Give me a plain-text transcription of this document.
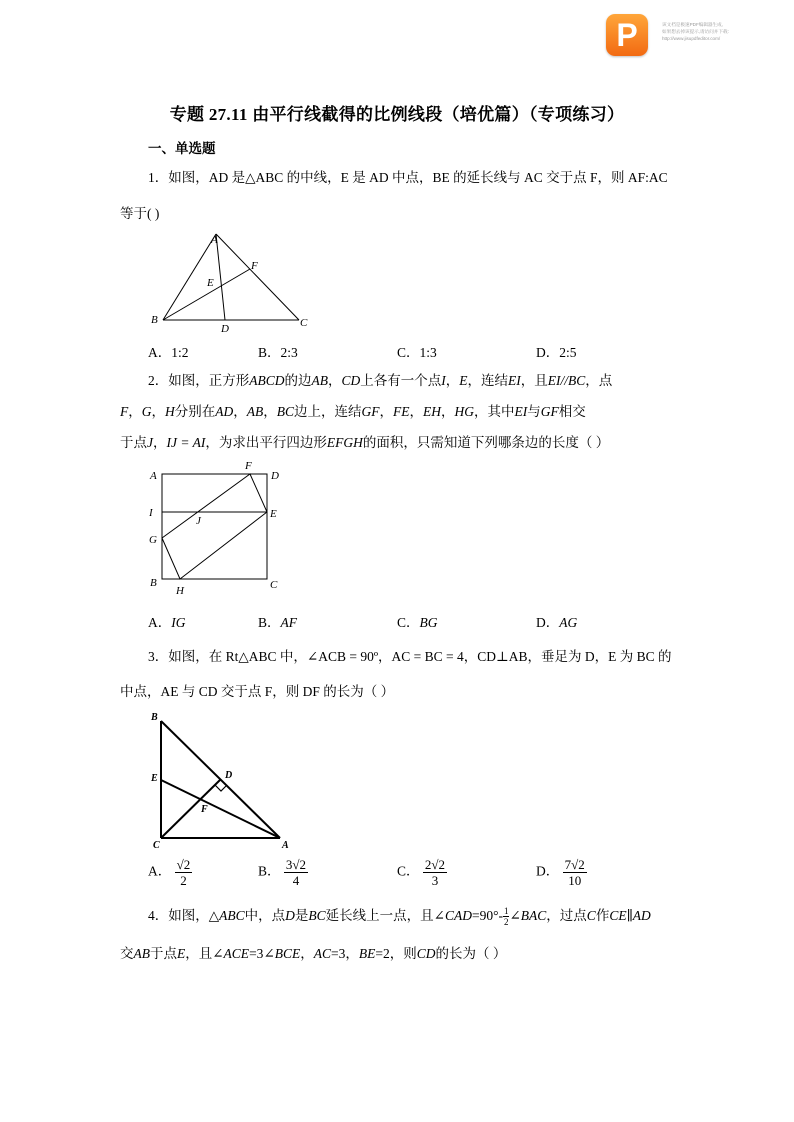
P	该文档是极速PDF编辑器生成,
如果想去掉该提示,请访问并下载:
http://www.jisupdfeditor.com/
专题 27.11 由平行线截得的比例线段（培优篇）（专项练习）
一、单选题
1．如图，AD 是△ABC 的中线，E 是 AD 中点，BE 的延长线与 AC 交于点 F，则 AF:AC
等于( )
A
E
F
B
D	C
A．1:2	B．2:3	C．1:3	D．2:5
2．如图，正方形ABCD的边AB，CD上各有一个点I，E，连结EI，且EI//BC，点
F，G，H分别在AD，AB，BC边上，连结GF，FE，EH，HG，其中EI与GF相交
于点J，IJ = AI，为求出平行四边形EFGH的面积，只需知道下列哪条边的长度（ ）
A
F
D
I
J
E
G
B
H	C
A．IG	B．AF	C．BG	D．AG
3．如图，在 Rt△ABC 中，∠ACB = 90º，AC = BC = 4，CD⊥AB，垂足为 D，E 为 BC 的
中点，AE 与 CD 交于点 F，则 DF 的长为（ ）
B
E	D
F
C	A
A． $\frac{√2}{2}$	B． $\frac{3√2}{4}$	C． $\frac{2√2}{3}$	D． $\frac{7√2}{10}$
4．如图，△ABC中，点D是BC延长线上一点，且∠CAD=90°- $\frac{1}{2}$ ∠BAC，过点C作CE∥AD
交AB于点E，且∠ACE=3∠BCE，AC=3，BE=2，则CD的长为（ ）
